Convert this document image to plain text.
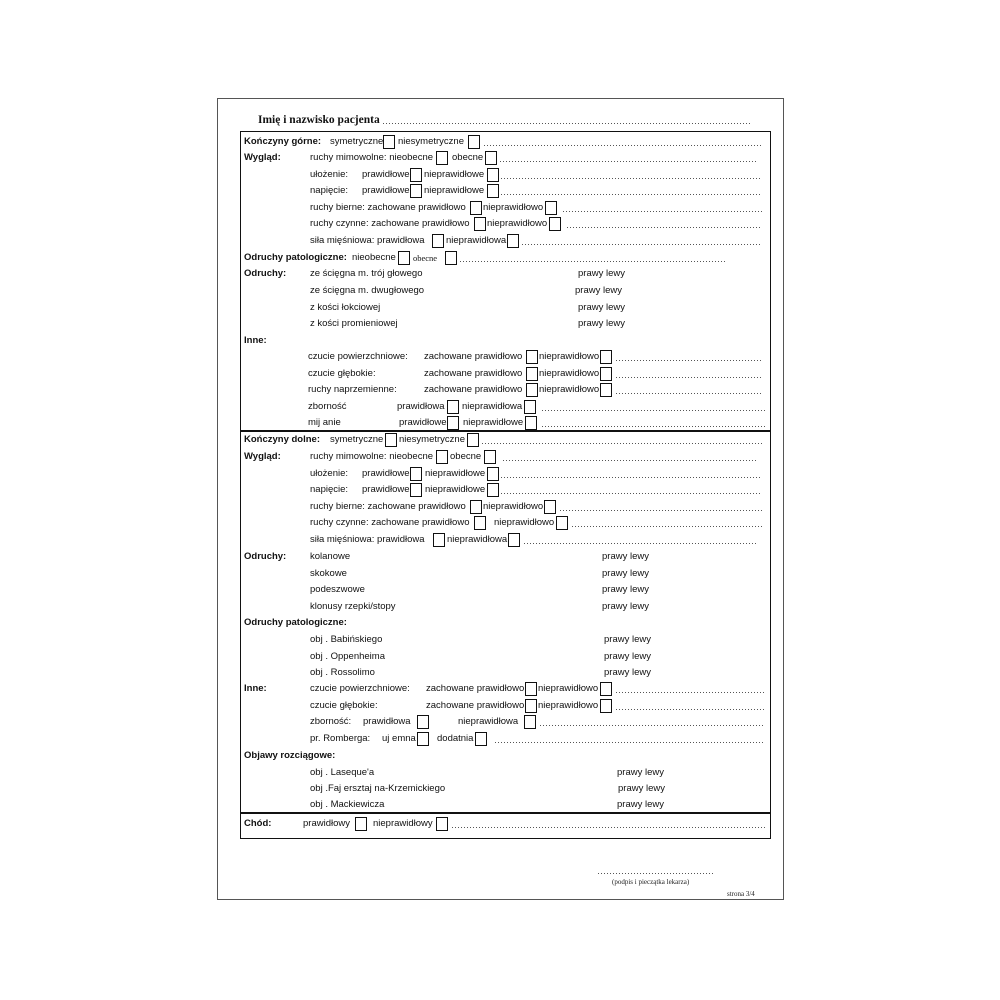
Imię i nazwisko pacjenta
Kończyny górne: symetryczne niesymetryczne
Wygląd:	ruchy mimowolne: nieobecne obecne
ułożenie: prawidłowe nieprawidłowe
napięcie: prawidłowe nieprawidłowe
ruchy bierne: zachowane prawidłowo nieprawidłowo
ruchy czynne: zachowane prawidłowo nieprawidłowo
siła mięśniowa: prawidłowa nieprawidłowa
Odruchy patologiczne: nieobecne obecne
Odruchy:	ze ścięgna m. trój głowego	prawy lewy
ze ścięgna m. dwugłowego	prawy lewy
z kości łokciowej	prawy lewy
z kości promieniowej	prawy lewy
Inne:
czucie powierzchniowe: zachowane prawidłowo nieprawidłowo
czucie głębokie:	zachowane prawidłowo nieprawidłowo
ruchy naprzemienne:	zachowane prawidłowo nieprawidłowo
zborność	prawidłowa nieprawidłowa
mij anie	prawidłowe nieprawidłowe
Kończyny dolne: symetryczne niesymetryczne
Wygląd:	ruchy mimowolne: nieobecne obecne
ułożenie: prawidłowe nieprawidłowe
napięcie: prawidłowe nieprawidłowe
ruchy bierne: zachowane prawidłowo nieprawidłowo
ruchy czynne: zachowane prawidłowo	nieprawidłowo
siła mięśniowa: prawidłowa nieprawidłowa
Odruchy:	kolanowe	prawy lewy
skokowe	prawy lewy
podeszwowe	prawy lewy
klonusy rzepki/stopy	prawy lewy
Odruchy patologiczne:
obj . Babińskiego	prawy lewy
obj . Oppenheima	prawy lewy
obj . Rossolimo	prawy lewy
Inne:	czucie powierzchniowe: zachowane prawidłowo nieprawidłowo
czucie głębokie:	zachowane prawidłowo nieprawidłowo
zborność: prawidłowa	nieprawidłowa
pr. Romberga: uj emna dodatnia
Objawy rozciągowe:
obj . Laseque'a	prawy lewy
obj .Faj ersztaj na-Krzemickiego	prawy lewy
obj . Mackiewicza	prawy lewy
Chód:	prawidłowy nieprawidłowy
(podpis i pieczątka lekarza)
strona 3/4
